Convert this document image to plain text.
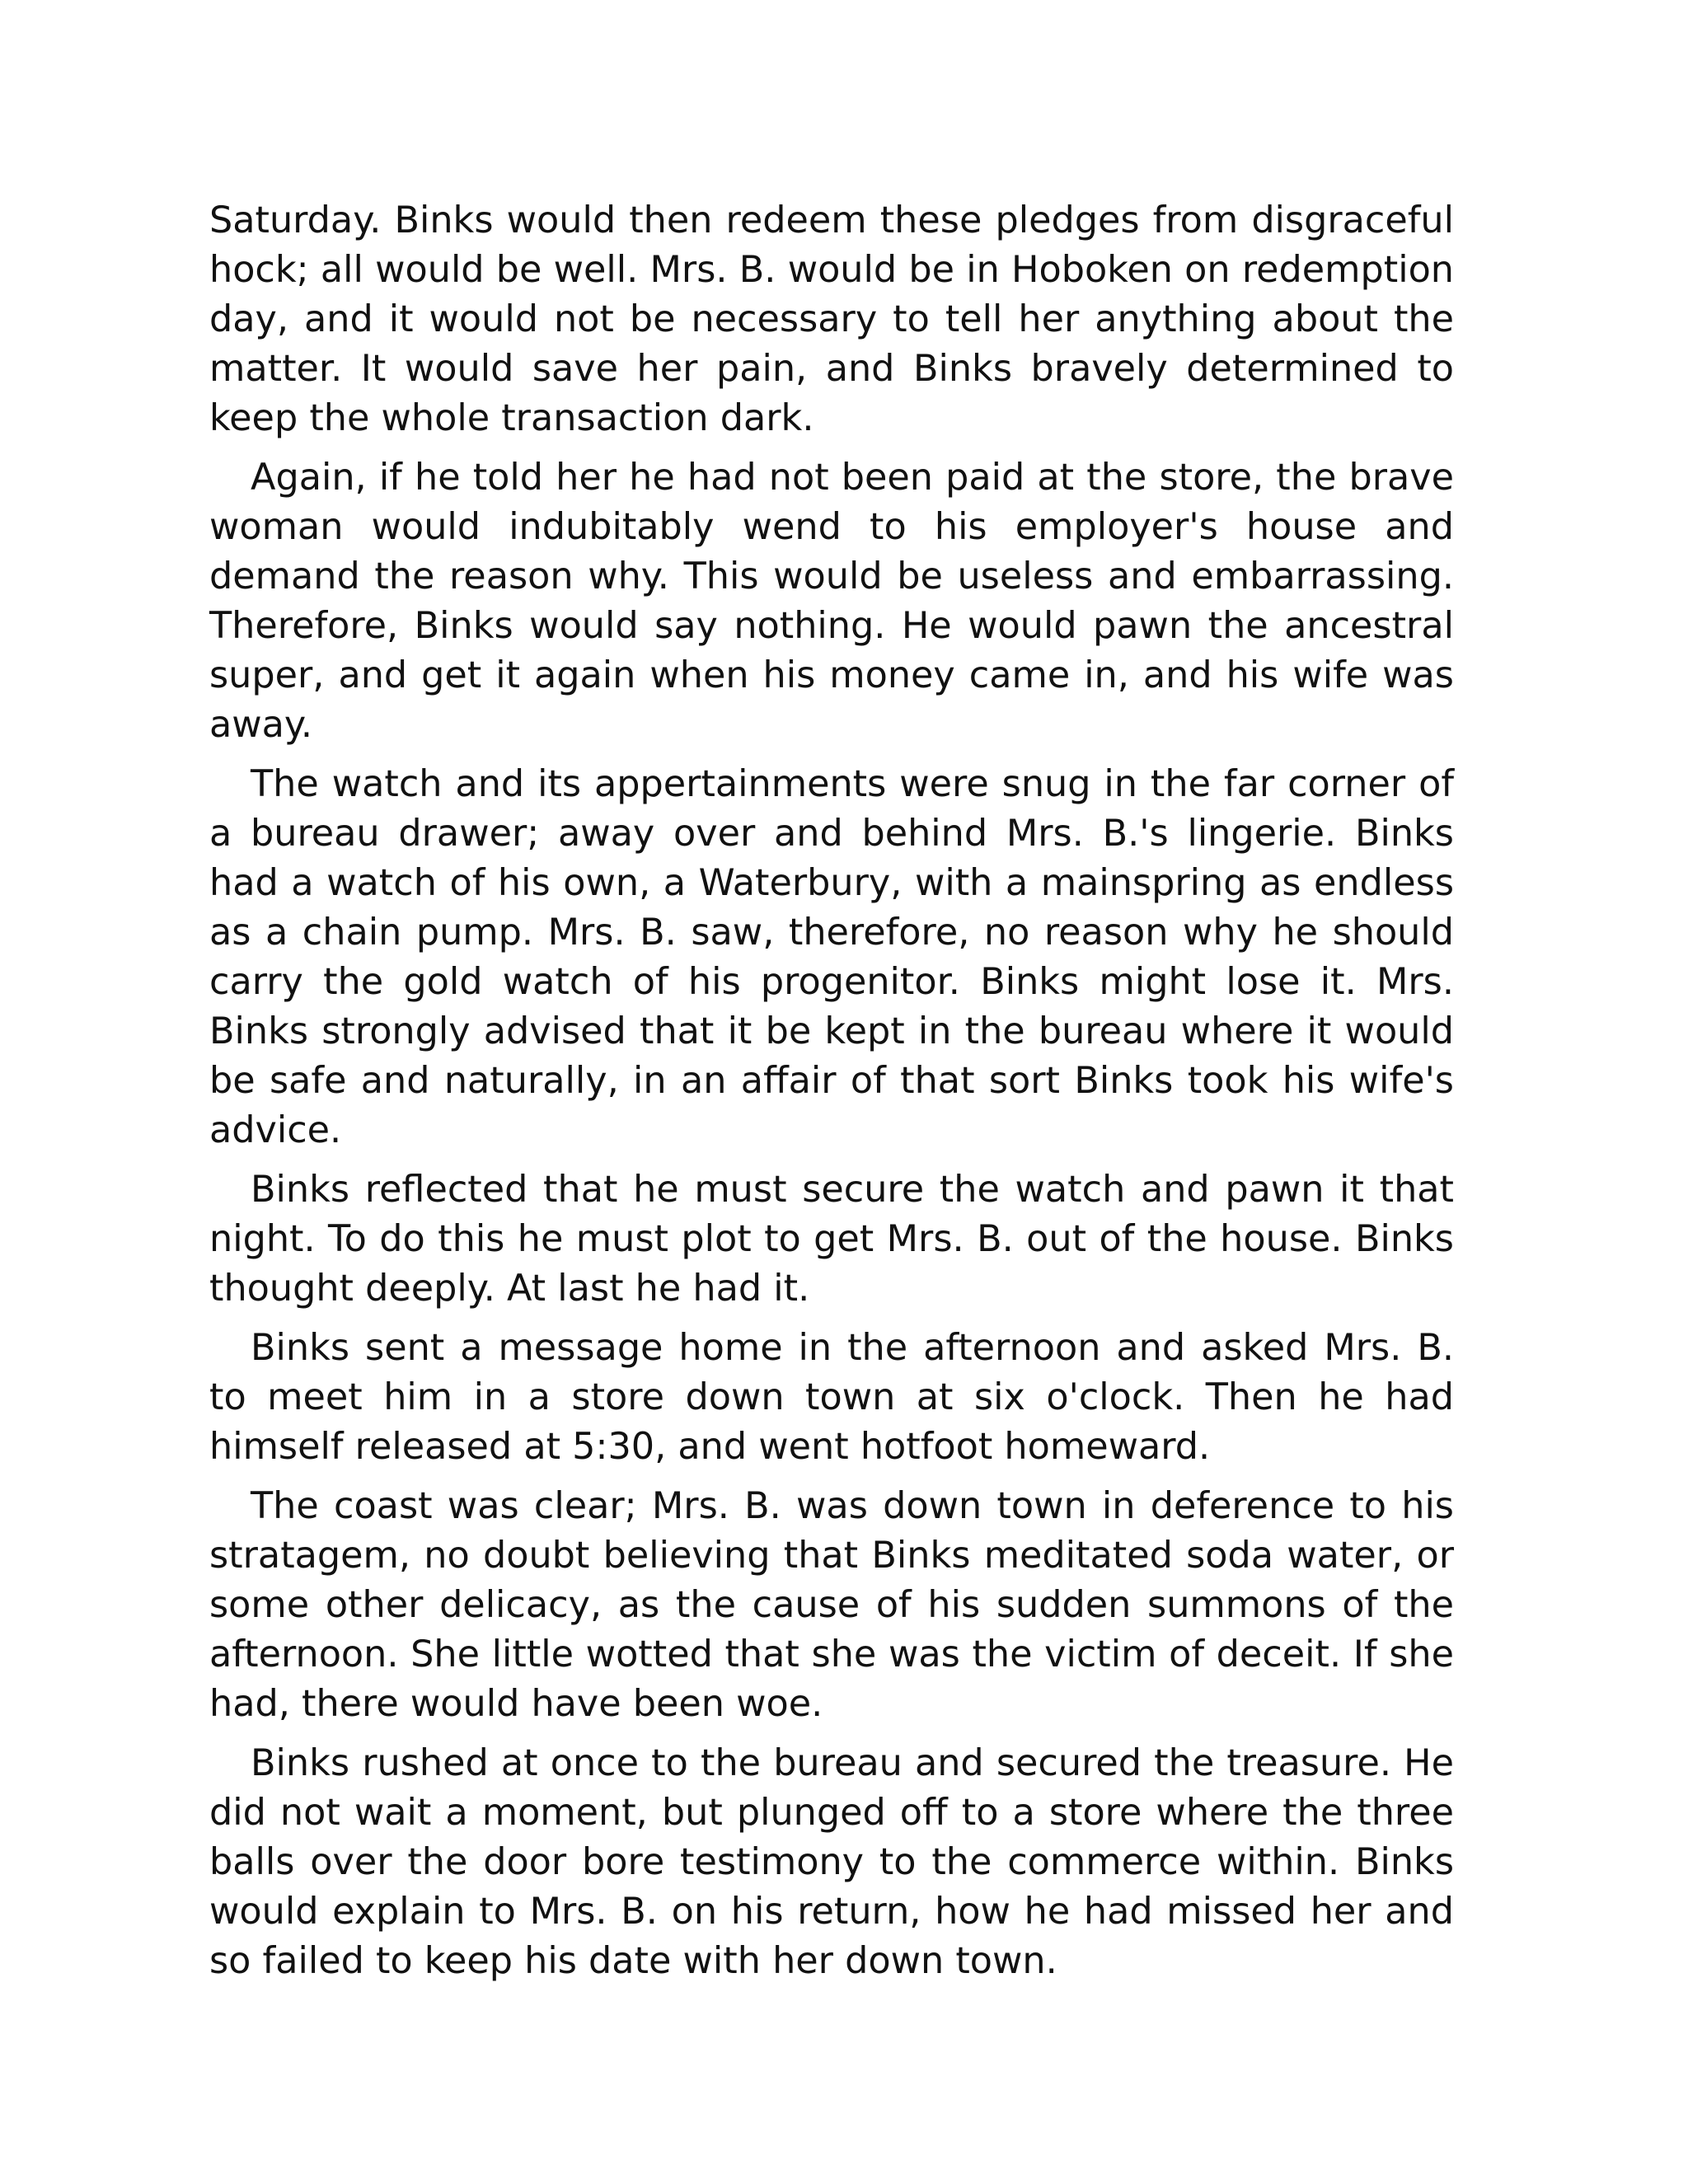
Saturday. Binks would then redeem these pledges from disgraceful hock; all would be well. Mrs. B. would be in Hoboken on redemption day, and it would not be necessary to tell her anything about the matter. It would save her pain, and Binks bravely determined to keep the whole transaction dark.

Again, if he told her he had not been paid at the store, the brave woman would indubitably wend to his employer's house and demand the reason why. This would be useless and embarrassing. Therefore, Binks would say nothing. He would pawn the ancestral super, and get it again when his money came in, and his wife was away.

The watch and its appertainments were snug in the far corner of a bureau drawer; away over and behind Mrs. B.'s lingerie. Binks had a watch of his own, a Waterbury, with a mainspring as endless as a chain pump. Mrs. B. saw, therefore, no reason why he should carry the gold watch of his progenitor. Binks might lose it. Mrs. Binks strongly advised that it be kept in the bureau where it would be safe and naturally, in an affair of that sort Binks took his wife's advice.

Binks reflected that he must secure the watch and pawn it that night. To do this he must plot to get Mrs. B. out of the house. Binks thought deeply. At last he had it.

Binks sent a message home in the afternoon and asked Mrs. B. to meet him in a store down town at six o'clock. Then he had himself released at 5:30, and went hotfoot homeward.

The coast was clear; Mrs. B. was down town in deference to his stratagem, no doubt believing that Binks meditated soda water, or some other delicacy, as the cause of his sudden summons of the afternoon. She little wotted that she was the victim of deceit. If she had, there would have been woe.

Binks rushed at once to the bureau and secured the treasure. He did not wait a moment, but plunged off to a store where the three balls over the door bore testimony to the commerce within. Binks would explain to Mrs. B. on his return, how he had missed her and so failed to keep his date with her down town.
